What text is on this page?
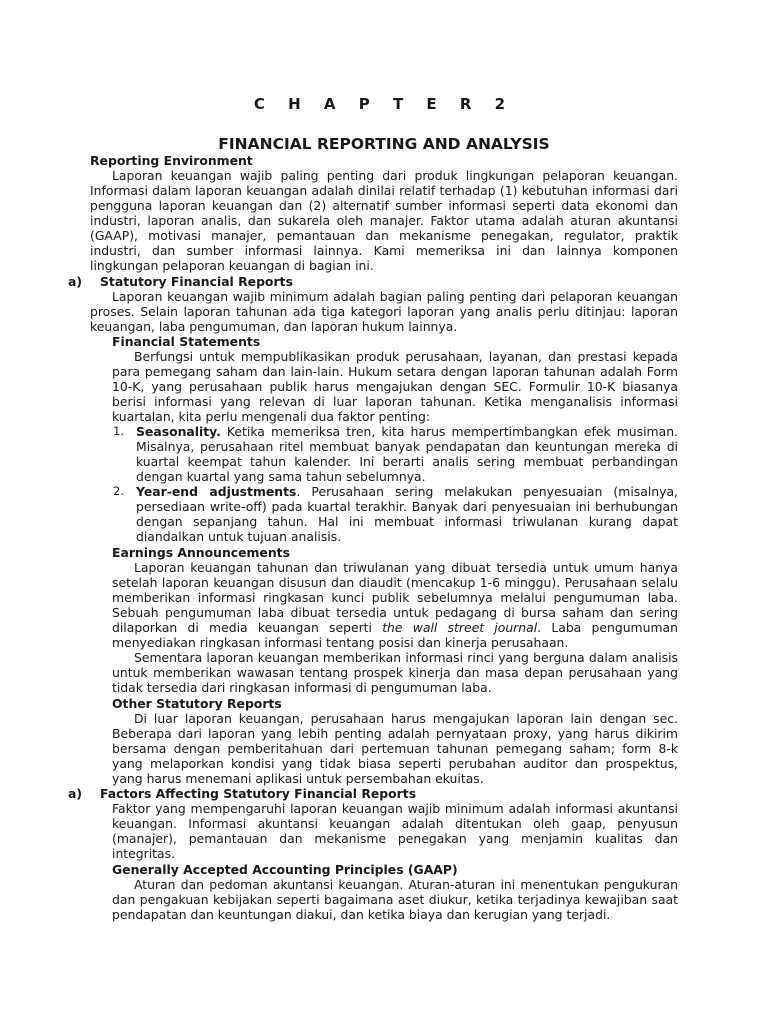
C H A P T E R 2
FINANCIAL REPORTING AND ANALYSIS
Reporting Environment

Laporan keuangan wajib paling penting dari produk lingkungan pelaporan keuangan. Informasi dalam laporan keuangan adalah dinilai relatif terhadap (1) kebutuhan informasi dari pengguna laporan keuangan dan (2) alternatif sumber informasi seperti data ekonomi dan industri, laporan analis, dan sukarela oleh manajer. Faktor utama adalah aturan akuntansi (GAAP), motivasi manajer, pemantauan dan mekanisme penegakan, regulator, praktik industri, dan sumber informasi lainnya. Kami memeriksa ini dan lainnya komponen lingkungan pelaporan keuangan di bagian ini.

a) Statutory Financial Reports

Laporan keuangan wajib minimum adalah bagian paling penting dari pelaporan keuangan proses. Selain laporan tahunan ada tiga kategori laporan yang analis perlu ditinjau: laporan keuangan, laba pengumuman, dan laporan hukum lainnya.

Financial Statements

Berfungsi untuk mempublikasikan produk perusahaan, layanan, dan prestasi kepada para pemegang saham dan lain-lain. Hukum setara dengan laporan tahunan adalah Form 10-K, yang perusahaan publik harus mengajukan dengan SEC. Formulir 10-K biasanya berisi informasi yang relevan di luar laporan tahunan. Ketika menganalisis informasi kuartalan, kita perlu mengenali dua faktor penting:

1. Seasonality. Ketika memeriksa tren, kita harus mempertimbangkan efek musiman. Misalnya, perusahaan ritel membuat banyak pendapatan dan keuntungan mereka di kuartal keempat tahun kalender. Ini berarti analis sering membuat perbandingan dengan kuartal yang sama tahun sebelumnya.
2. Year-end adjustments. Perusahaan sering melakukan penyesuaian (misalnya, persediaan write-off) pada kuartal terakhir. Banyak dari penyesuaian ini berhubungan dengan sepanjang tahun. Hal ini membuat informasi triwulanan kurang dapat diandalkan untuk tujuan analisis.
Earnings Announcements

Laporan keuangan tahunan dan triwulanan yang dibuat tersedia untuk umum hanya setelah laporan keuangan disusun dan diaudit (mencakup 1-6 minggu). Perusahaan selalu memberikan informasi ringkasan kunci publik sebelumnya melalui pengumuman laba. Sebuah pengumuman laba dibuat tersedia untuk pedagang di bursa saham dan sering dilaporkan di media keuangan seperti the wall street journal. Laba pengumuman menyediakan ringkasan informasi tentang posisi dan kinerja perusahaan.

Sementara laporan keuangan memberikan informasi rinci yang berguna dalam analisis untuk memberikan wawasan tentang prospek kinerja dan masa depan perusahaan yang tidak tersedia dari ringkasan informasi di pengumuman laba.

Other Statutory Reports

Di luar laporan keuangan, perusahaan harus mengajukan laporan lain dengan sec. Beberapa dari laporan yang lebih penting adalah pernyataan proxy, yang harus dikirim bersama dengan pemberitahuan dari pertemuan tahunan pemegang saham; form 8-k yang melaporkan kondisi yang tidak biasa seperti perubahan auditor dan prospektus, yang harus menemani aplikasi untuk persembahan ekuitas.

a) Factors Affecting Statutory Financial Reports

Faktor yang mempengaruhi laporan keuangan wajib minimum adalah informasi akuntansi keuangan. Informasi akuntansi keuangan adalah ditentukan oleh gaap, penyusun (manajer), pemantauan dan mekanisme penegakan yang menjamin kualitas dan integritas.

Generally Accepted Accounting Principles (GAAP)

Aturan dan pedoman akuntansi keuangan. Aturan-aturan ini menentukan pengukuran dan pengakuan kebijakan seperti bagaimana aset diukur, ketika terjadinya kewajiban saat pendapatan dan keuntungan diakui, dan ketika biaya dan kerugian yang terjadi.
